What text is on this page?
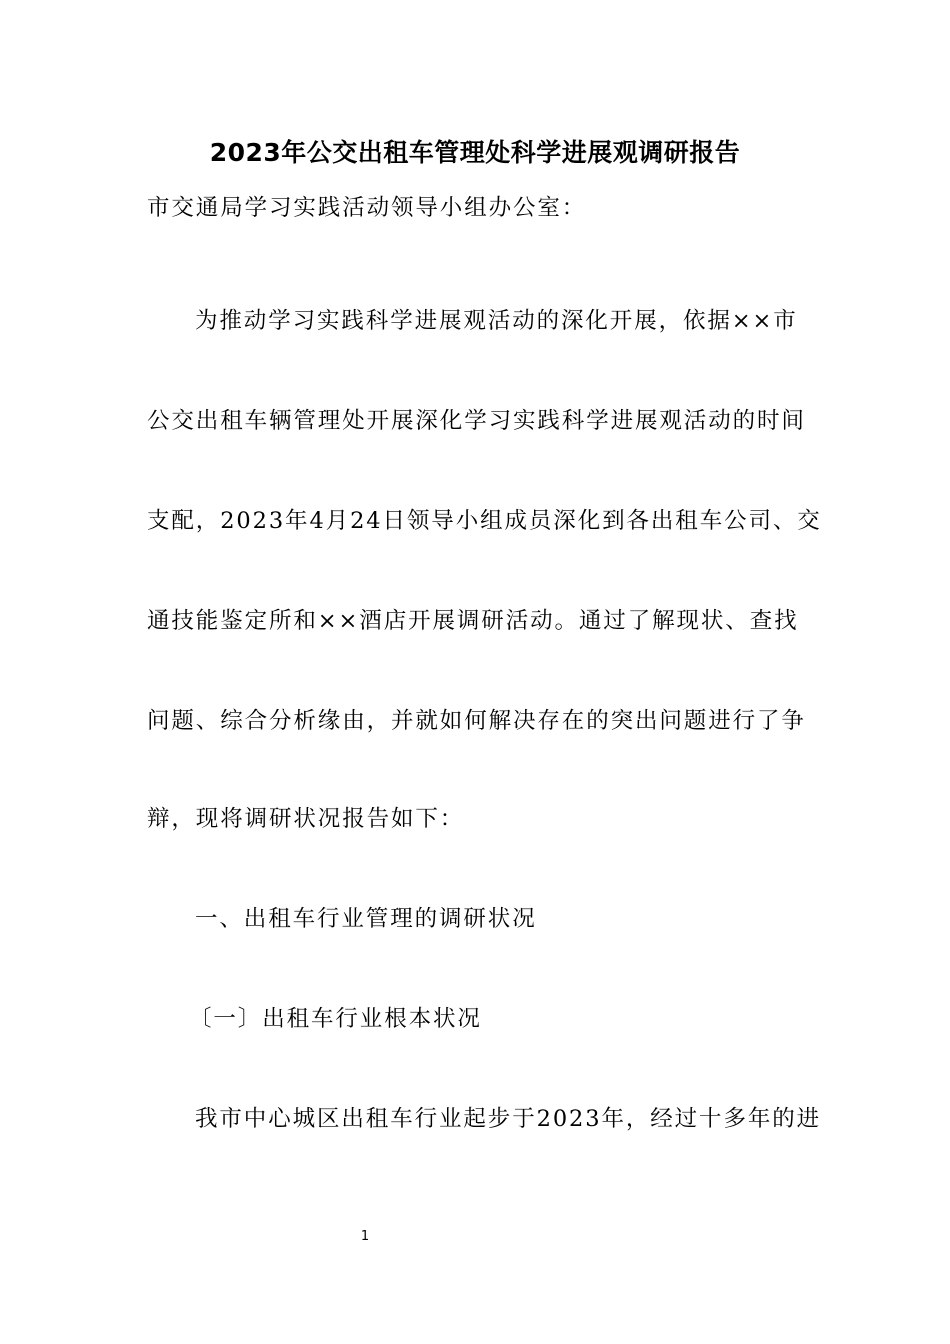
2023年公交出租车管理处科学进展观调研报告
市交通局学习实践活动领导小组办公室：
为推动学习实践科学进展观活动的深化开展，依据××市
公交出租车辆管理处开展深化学习实践科学进展观活动的时间
支配，2023年4月24日领导小组成员深化到各出租车公司、交
通技能鉴定所和××酒店开展调研活动。通过了解现状、查找
问题、综合分析缘由，并就如何解决存在的突出问题进行了争
辩，现将调研状况报告如下：
一、出租车行业管理的调研状况
〔一〕出租车行业根本状况
我市中心城区出租车行业起步于2023年，经过十多年的进
1
